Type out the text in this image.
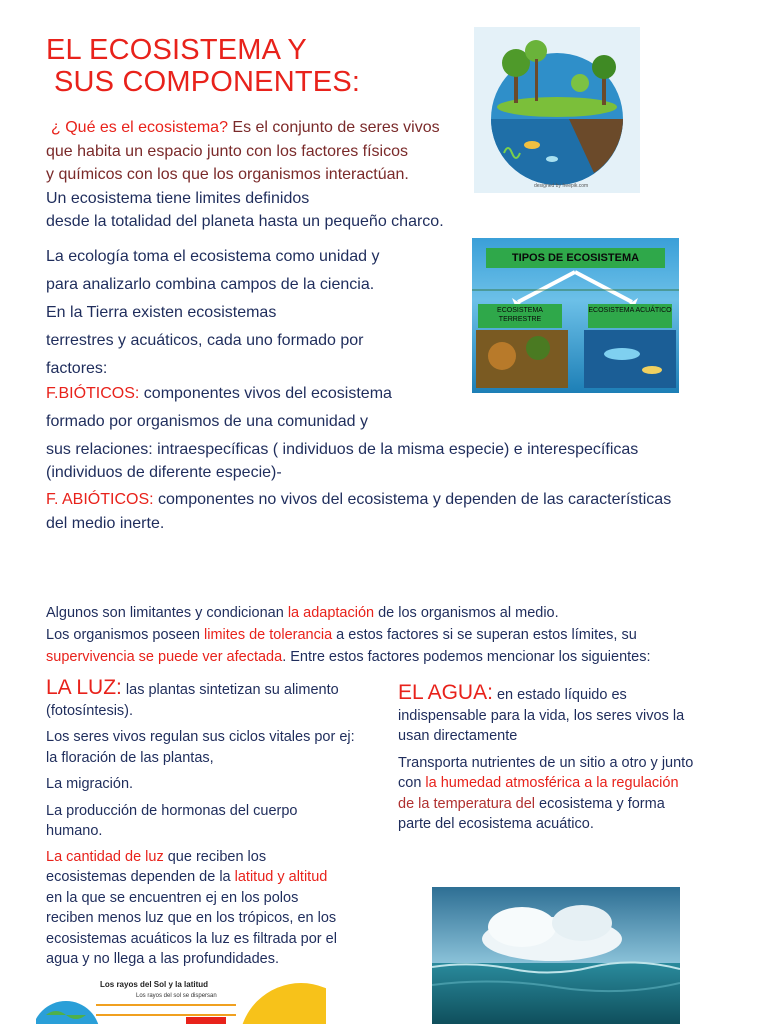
EL ECOSISTEMA Y
SUS COMPONENTES:
¿ Qué es el ecosistema? Es el conjunto de seres vivos
que habita un espacio junto con los factores físicos
y químicos con los que los organismos interactúan.
Un ecosistema tiene limites definidos
desde la totalidad del planeta hasta un pequeño charco.
designed by freepik.com
La ecología toma el ecosistema como unidad y
para analizarlo combina campos de la ciencia.
En la Tierra existen ecosistemas
terrestres y acuáticos, cada uno formado por
factores:
TIPOS DE ECOSISTEMA
ECOSISTEMA TERRESTRE
ECOSISTEMA ACUÁTICO
F.BIÓTICOS: componentes vivos del ecosistema
formado por organismos de una comunidad y
sus relaciones: intraespecíficas ( individuos de la misma especie) e interespecíficas
(individuos de diferente especie)-
F. ABIÓTICOS: componentes no vivos del ecosistema y dependen de las características
del medio inerte.
Algunos son limitantes y condicionan la adaptación de los organismos al medio.
Los organismos poseen limites de tolerancia a estos factores si se superan estos límites, su
supervivencia se puede ver afectada. Entre estos factores podemos mencionar los siguientes:
LA LUZ: las plantas sintetizan su alimento
(fotosíntesis).
Los seres vivos regulan sus ciclos vitales por ej:
la floración de las plantas,
La migración.
La producción de hormonas del cuerpo
humano.
La cantidad de luz que reciben los
ecosistemas dependen de la latitud y altitud
en la que se encuentren ej en los polos
reciben menos luz que en los trópicos, en los
ecosistemas acuáticos la luz es filtrada por el
agua y no llega a las profundidades.
EL AGUA: en estado líquido es
indispensable para la vida, los seres vivos la
usan directamente
Transporta nutrientes de un sitio a otro y junto
con la humedad atmosférica a la regulación
de la temperatura del ecosistema y forma
parte del ecosistema acuático.
Los rayos del Sol y la latitud
Los rayos del sol se dispersan
